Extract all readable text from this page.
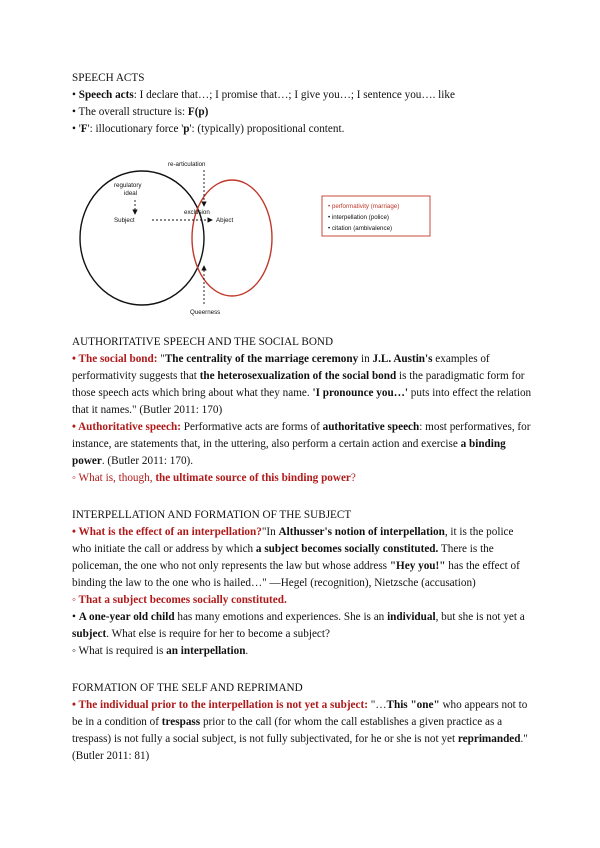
SPEECH ACTS

• Speech acts: I declare that…; I promise that…; I give you…; I sentence you…. like

• The overall structure is: F(p)

• 'F': illocutionary force 'p': (typically) propositional content.

re-articulation
regulatory
ideal
Subject
exclusion
Abject
Queerness
• performativity (marriage)
• interpellation (police)
• citation (ambivalence)

AUTHORITATIVE SPEECH AND THE SOCIAL BOND

• The social bond: "The centrality of the marriage ceremony in J.L. Austin's examples of performativity suggests that the heterosexualization of the social bond is the paradigmatic form for those speech acts which bring about what they name. 'I pronounce you…' puts into effect the relation that it names." (Butler 2011: 170)

• Authoritative speech: Performative acts are forms of authoritative speech: most performatives, for instance, are statements that, in the uttering, also perform a certain action and exercise a binding power. (Butler 2011: 170).

◦ What is, though, the ultimate source of this binding power?

INTERPELLATION AND FORMATION OF THE SUBJECT

• What is the effect of an interpellation?"In Althusser's notion of interpellation, it is the police who initiate the call or address by which a subject becomes socially constituted. There is the policeman, the one who not only represents the law but whose address "Hey you!" has the effect of binding the law to the one who is hailed…" —Hegel (recognition), Nietzsche (accusation)

◦ That a subject becomes socially constituted.

• A one-year old child has many emotions and experiences. She is an individual, but she is not yet a subject. What else is require for her to become a subject?

◦ What is required is an interpellation.

FORMATION OF THE SELF AND REPRIMAND

• The individual prior to the interpellation is not yet a subject: "…This "one" who appears not to be in a condition of trespass prior to the call (for whom the call establishes a given practice as a trespass) is not fully a social subject, is not fully subjectivated, for he or she is not yet reprimanded." (Butler 2011: 81)
